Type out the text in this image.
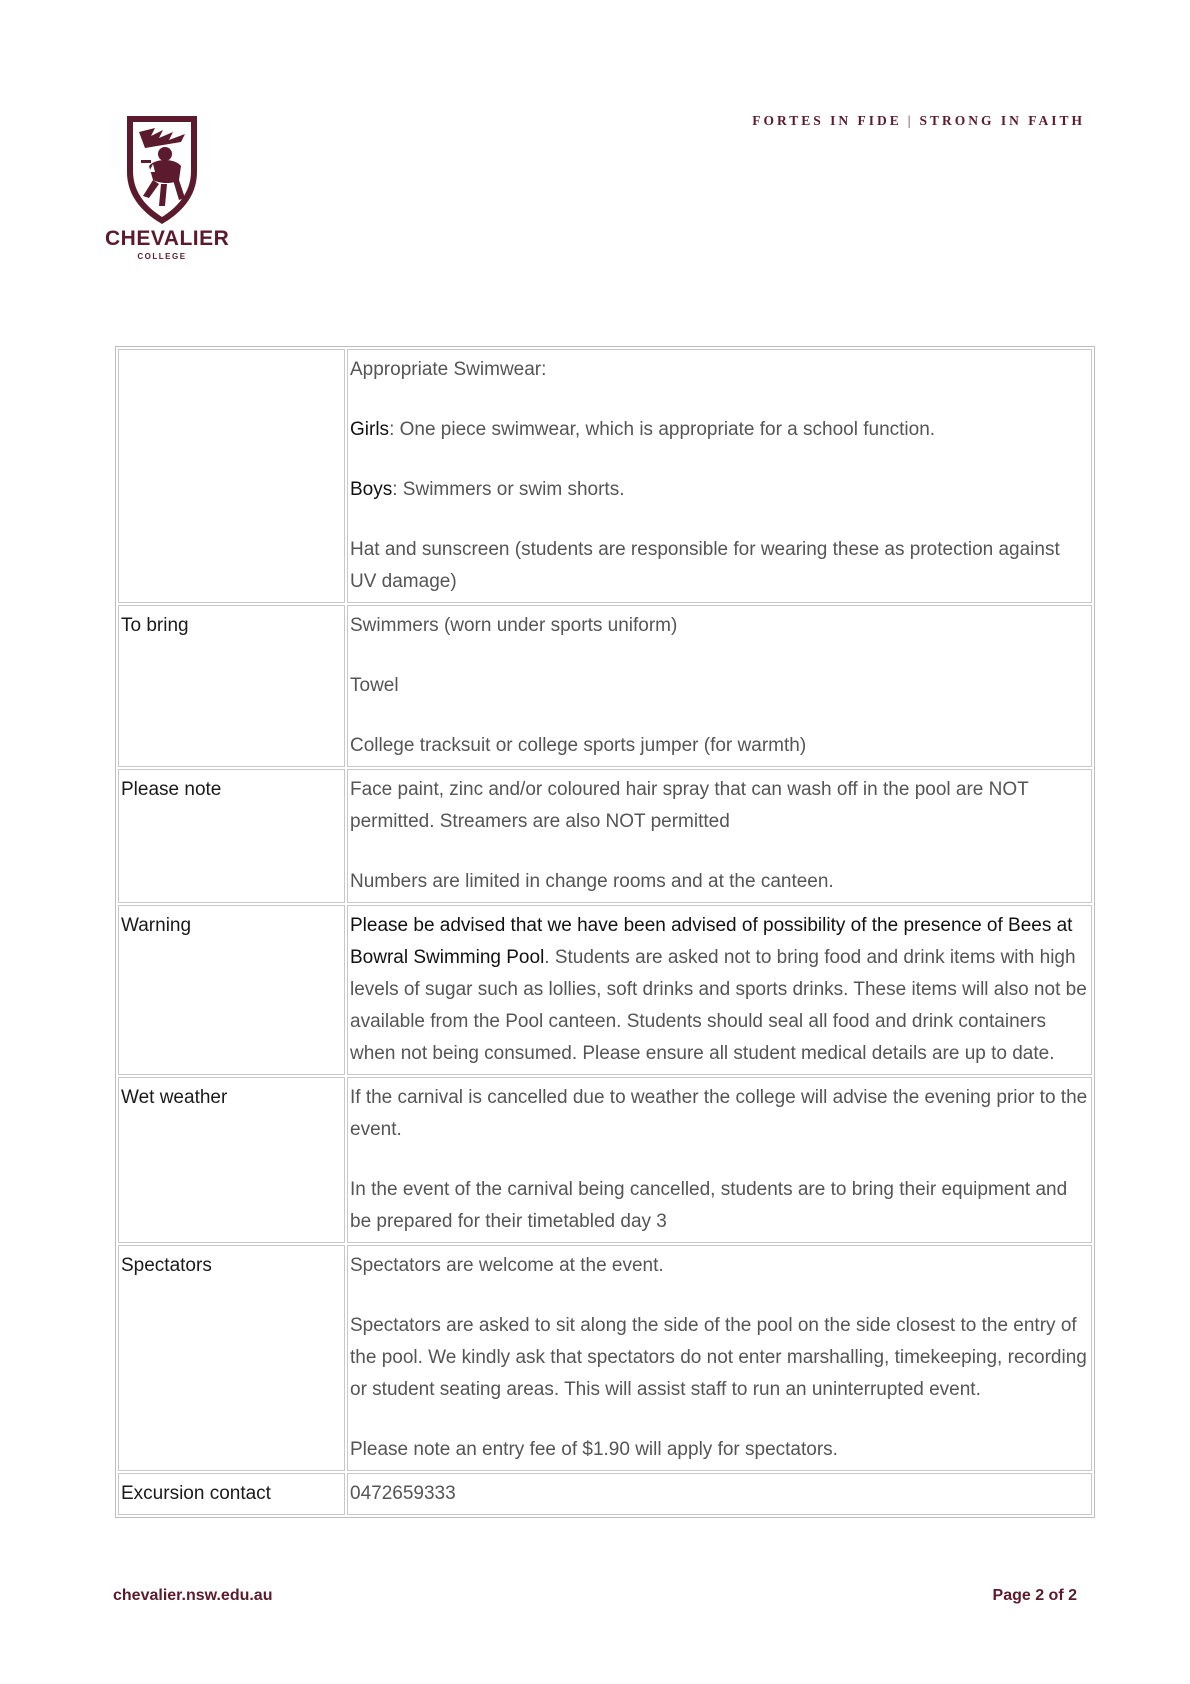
CHEVALIER
COLLEGE
FORTES IN FIDE | STRONG IN FAITH

	Appropriate Swimwear:

Girls: One piece swimwear, which is appropriate for a school function.

Boys: Swimmers or swim shorts.

Hat and sunscreen (students are responsible for wearing these as protection against UV damage)

To bring	Swimmers (worn under sports uniform)

Towel

College tracksuit or college sports jumper (for warmth)

Please note	Face paint, zinc and/or coloured hair spray that can wash off in the pool are NOT permitted. Streamers are also NOT permitted

Numbers are limited in change rooms and at the canteen.

Warning	Please be advised that we have been advised of possibility of the presence of Bees at Bowral Swimming Pool. Students are asked not to bring food and drink items with high levels of sugar such as lollies, soft drinks and sports drinks. These items will also not be available from the Pool canteen. Students should seal all food and drink containers when not being consumed. Please ensure all student medical details are up to date.

Wet weather	If the carnival is cancelled due to weather the college will advise the evening prior to the event.

In the event of the carnival being cancelled, students are to bring their equipment and be prepared for their timetabled day 3

Spectators	Spectators are welcome at the event.

Spectators are asked to sit along the side of the pool on the side closest to the entry of the pool. We kindly ask that spectators do not enter marshalling, timekeeping, recording or student seating areas. This will assist staff to run an uninterrupted event.

Please note an entry fee of $1.90 will apply for spectators.

Excursion contact	0472659333

chevalier.nsw.edu.au	Page 2 of 2
